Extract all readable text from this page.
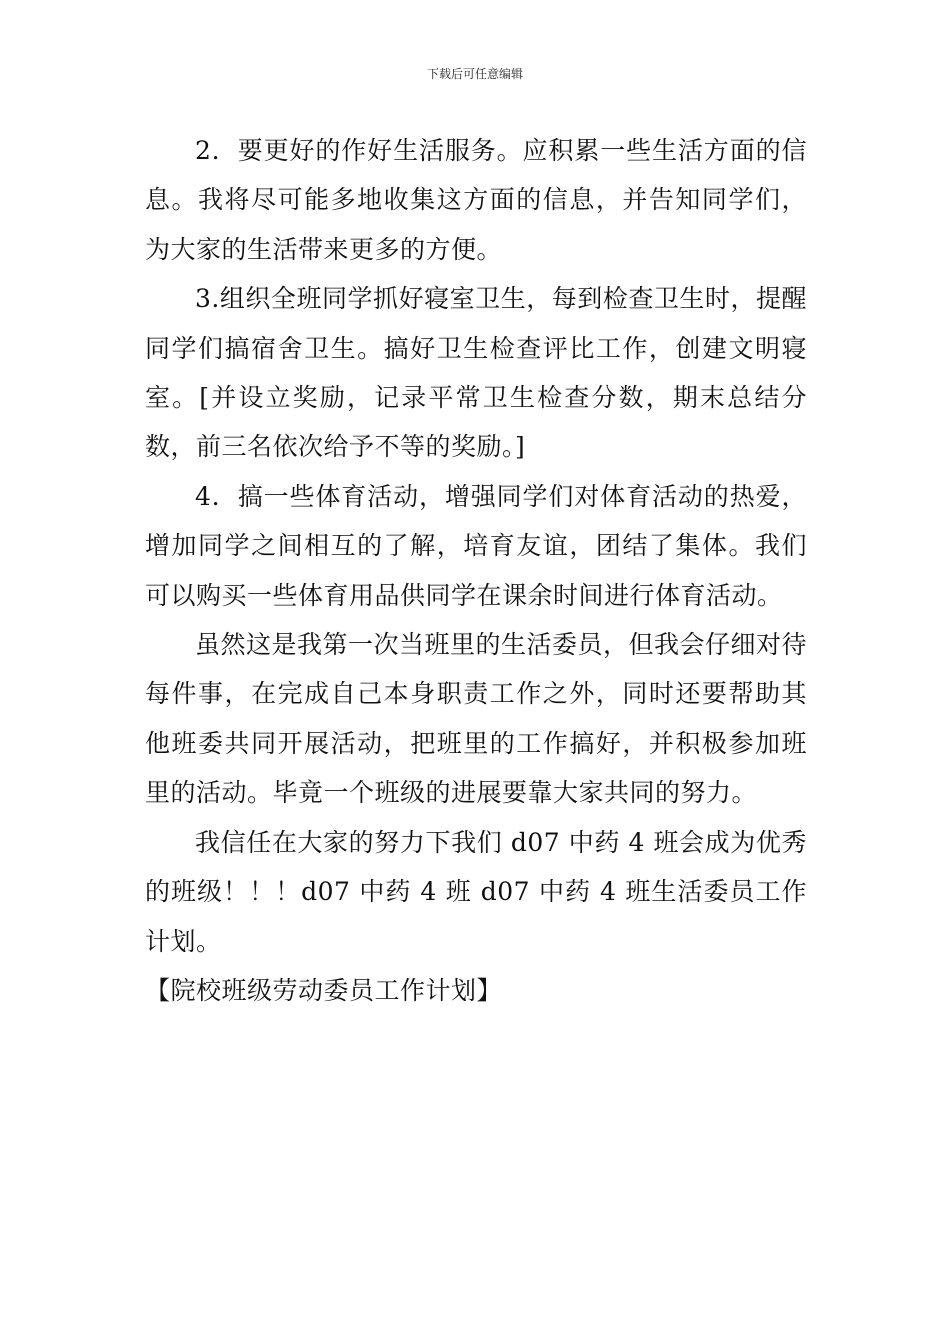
下载后可任意编辑

2．要更好的作好生活服务。应积累一些生活方面的信息。我将尽可能多地收集这方面的信息，并告知同学们，为大家的生活带来更多的方便。

3.组织全班同学抓好寝室卫生，每到检查卫生时，提醒同学们搞宿舍卫生。搞好卫生检查评比工作，创建文明寝室。[并设立奖励，记录平常卫生检查分数，期末总结分数，前三名依次给予不等的奖励。]

4．搞一些体育活动，增强同学们对体育活动的热爱，增加同学之间相互的了解，培育友谊，团结了集体。我们可以购买一些体育用品供同学在课余时间进行体育活动。

虽然这是我第一次当班里的生活委员，但我会仔细对待每件事，在完成自己本身职责工作之外，同时还要帮助其他班委共同开展活动，把班里的工作搞好，并积极参加班里的活动。毕竟一个班级的进展要靠大家共同的努力。

我信任在大家的努力下我们 d07 中药 4 班会成为优秀的班级！！！d07 中药 4 班 d07 中药 4 班生活委员工作计划。

【院校班级劳动委员工作计划】
